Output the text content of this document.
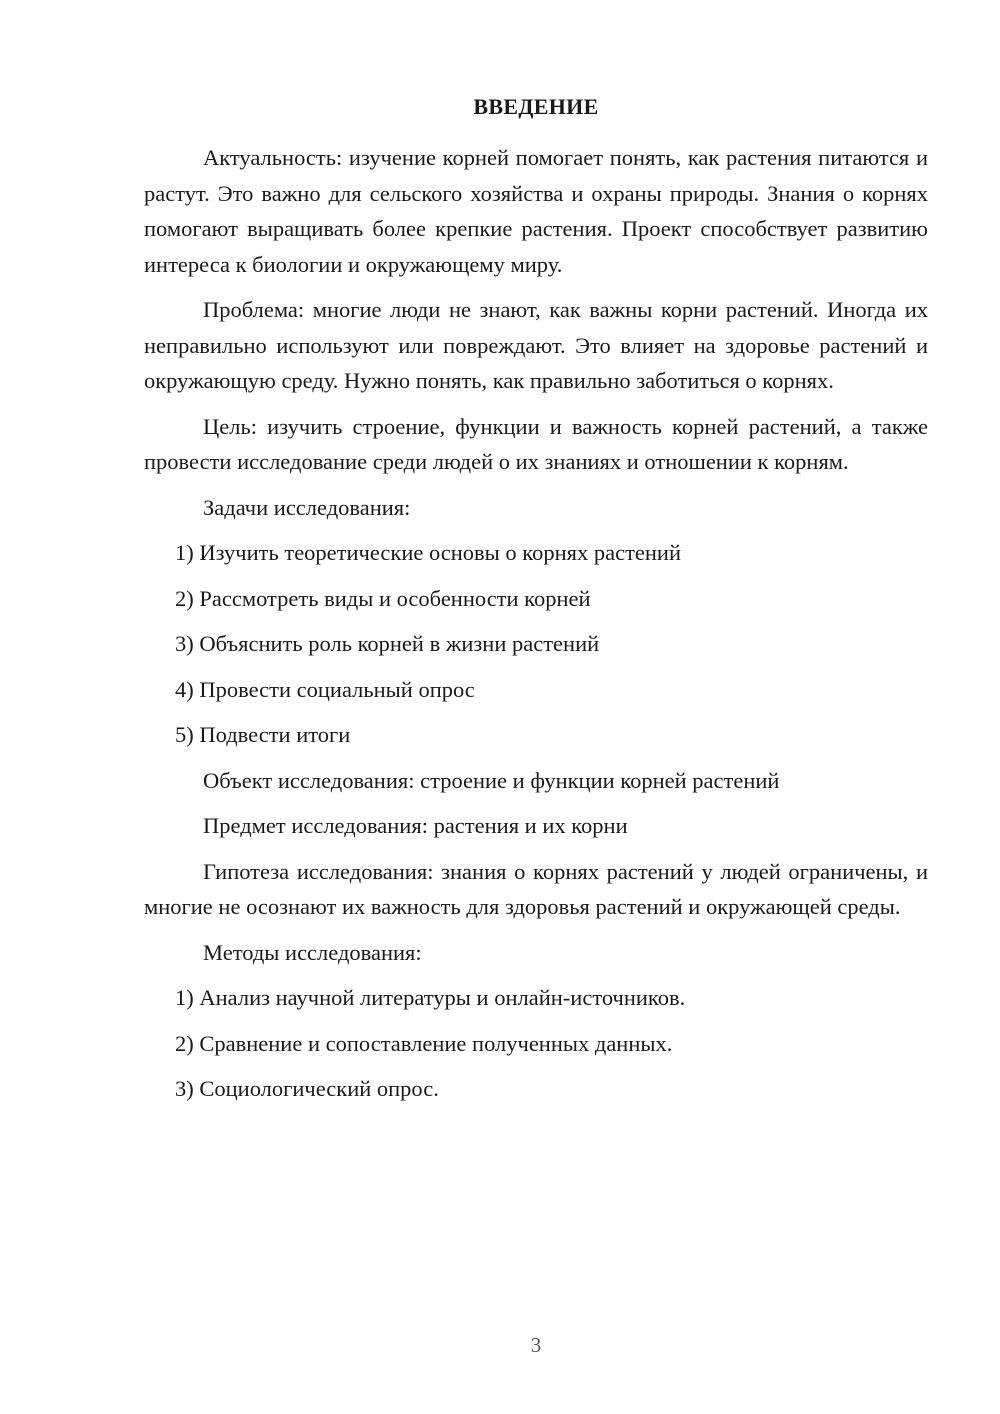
ВВЕДЕНИЕ

Актуальность: изучение корней помогает понять, как растения питаются и растут. Это важно для сельского хозяйства и охраны природы. Знания о корнях помогают выращивать более крепкие растения. Проект способствует развитию интереса к биологии и окружающему миру.

Проблема: многие люди не знают, как важны корни растений. Иногда их неправильно используют или повреждают. Это влияет на здоровье растений и окружающую среду. Нужно понять, как правильно заботиться о корнях.

Цель: изучить строение, функции и важность корней растений, а также провести исследование среди людей о их знаниях и отношении к корням.

Задачи исследования:
1) Изучить теоретические основы о корнях растений
2) Рассмотреть виды и особенности корней
3) Объяснить роль корней в жизни растений
4) Провести социальный опрос
5) Подвести итоги
Объект исследования: строение и функции корней растений
Предмет исследования: растения и их корни

Гипотеза исследования: знания о корнях растений у людей ограничены, и многие не осознают их важность для здоровья растений и окружающей среды.

Методы исследования:
1) Анализ научной литературы и онлайн-источников.
2) Сравнение и сопоставление полученных данных.
3) Социологический опрос.
3
